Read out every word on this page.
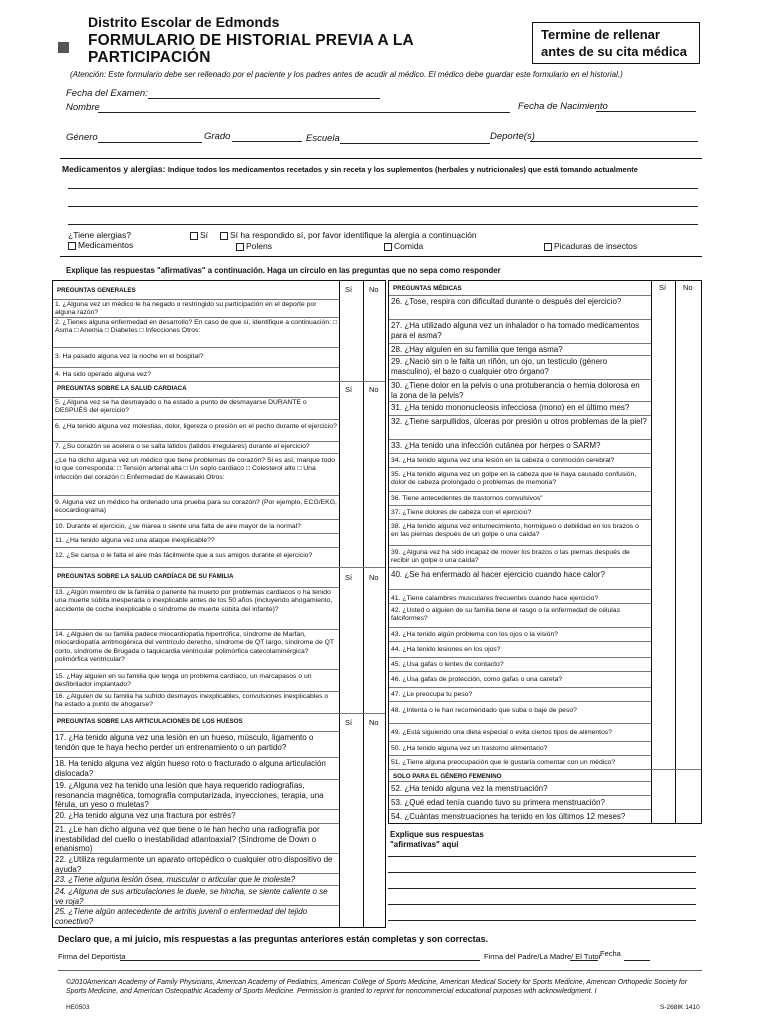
Distrito Escolar de Edmonds
FORMULARIO DE HISTORIAL PREVIA A LA PARTICIPACIÓN
Termine de rellenar antes de su cita médica
(Atención: Este formulario debe ser rellenado por el paciente y los padres antes de acudir al médico. El médico debe guardar este formulario en el historial.)
Fecha del Examen:
Nombre	Fecha de Nacimiento
Género	Grado	Escuela	Deporte(s)
Medicamentos y alergias: Indique todos los medicamentos recetados y sin receta y los suplementos (herbales y nutricionales) que está tomando actualmente
¿Tiene alergias?
Medicamentos
Sí	Sí ha respondido sí, por favor identifique la alergia a continuación
Polens	Comida	Picaduras de insectos
Explique las respuestas "afirmativas" a continuación. Haga un círculo en las preguntas que no sepa como responder
PREGUNTAS GENERALES	Sí No
1. ¿Alguna vez un médico le ha negado o restringido su participación en el deporte por alguna razón?
2. ¿Tienes alguna enfermedad en desarrollo? En caso de que sí, identifique a continuación: □ Asma □ Anemia □ Diabetes □ Infecciones Otros:
3. Ha pasado alguna vez la noche en el hospital?
4. Ha sido operado alguna vez?
PREGUNTAS SOBRE LA SALUD CARDIACA	Sí No
5. ¿Alguna vez se ha desmayado o ha estado a punto de desmayarse DURANTE o DESPUÉS del ejercicio?
6. ¿Ha tenido alguna vez molestias, dolor, ligereza o presión en el pecho durante el ejercicio?
7. ¿Su corazón se acelera o se salta latidos (latidos irregulares) durante el ejercicio?
¿Le ha dicho alguna vez un médico que tiene problemas de corazón? Si es así, marque todo lo que corresponda: □ Tensión arterial alta □ Un soplo cardiaco □ Colesterol alto □ Una infección del corazón □ Enfermedad de Kawasaki Otros:
9. Alguna vez un médico ha ordenado una prueba para su corazón? (Por ejemplo, ECG/EKG, ecocardiograma)
10. Durante el ejercicio, ¿se marea o siente una falta de aire mayor de la normal?
11. ¿Ha tenido alguna vez una ataque inexplicable??
12. ¿Se cansa o le falta el aire más fácilmente que a sus amigos durante el ejercicio?
PREGUNTAS SOBRE LA SALUD CARDÍACA DE SU FAMILIA	Sí No
13. ¿Algún miembro de la familia o pariente ha muerto por problemas cardiacos o ha tenido una muerte súbita inesperada o inexplicable antes de los 50 años (incluyendo ahogamiento, accidente de coche inexplicable o síndrome de muerte súbita del infante)?
14. ¿Alguien de su familia padece miocardiopatía hipertrófica, síndrome de Marfan, miocardiopatía arritmogénica del ventrículo derecho, síndrome de QT largo, síndrome de QT corto, síndrome de Brugada o taquicardia ventricular polimórfica catecolaminérgica? polimórfica ventricular?
15. ¿Hay alguien en su familia que tenga un problema cardíaco, un marcapasos o un desfibrilador implantado?
16. ¿Alguien de su familia ha sufrido desmayos inexplicables, convulsiones inexplicables o ha estado a punto de ahogarse?
PREGUNTAS SOBRE LAS ARTICULACIONES DE LOS HUESOS	Sí No
17. ¿Ha tenido alguna vez una lesión en un hueso, músculo, ligamento o tendón que te haya hecho perder un entrenamiento o un partido?
18. Ha tenido alguna vez algún hueso roto o fracturado o alguna articulación dislocada?
19. ¿Alguna vez ha tenido una lesión que haya requerido radiografías, resonancia magnética, tomografía computarizada, inyecciones, terapia, una férula, un yeso o muletas?
20. ¿Ha tenido alguna vez una fractura por estrés?
21. ¿Le han dicho alguna vez que tiene o le han hecho una radiografía por inestabilidad del cuello o inestabilidad atlantoaxial? (Síndrome de Down o enanismo)
22. ¿Utiliza regularmente un aparato ortopédico o cualquier otro dispositivo de ayuda?
23. ¿Tiene alguna lesión ósea, muscular o articular que le moleste?
24. ¿Alguna de sus articulaciones le duele, se hincha, se siente caliente o se ve roja?
25. ¿Tiene algún antecedente de artritis juvenil o enfermedad del tejido conectivo?
PREGUNTAS MÉDICAS	Sí No
26. ¿Tose, respira con dificultad durante o después del ejercicio?
27. ¿Ha utilizado alguna vez un inhalador o ha tomado medicamentos para el asma?
28. ¿Hay alguien en su familia que tenga asma?
29. ¿Nació sin o le falta un riñón, un ojo, un testículo (género masculino), el bazo o cualquier otro órgano?
30. ¿Tiene dolor en la pelvis o una protuberancia o hernia dolorosa en la zona de la pelvis?
31. ¿Ha tenido mononucleosis infecciosa (mono) en el último mes?
32. ¿Tiene sarpullidos, úlceras por presión u otros problemas de la piel?
33. ¿Ha tenido una infección cutánea por herpes o SARM?
34. ¿Ha tenido alguna vez una lesión en la cabeza o conmoción cerebral?
35. ¿Ha tenido alguna vez un golpe en la cabeza que le haya causado confusión, dolor de cabeza prolongado o problemas de memoria?
36. Tiene antecedentes de trastornos convulsivos"
37. ¿Tiene dolores de cabeza con el ejercicio?
38. ¿Ha tenido alguna vez entumecimiento, hormigueo o debilidad en los brazos o en las piernas después de un golpe o una caída?
39. ¿Alguna vez ha sido incapaz de mover los brazos o las piernas después de recibir un golpe o una caída?
40. ¿Se ha enfermado al hacer ejercicio cuando hace calor?
41. ¿Tiene calambres musculares frecuentes cuando hace ejercicio?
42. ¿Usted o alguien de su familia tiene el rasgo o la enfermedad de células falciformes?
43. ¿Ha tenido algún problema con los ojos o la visión?
44. ¿Ha tenido lesiones en los ojos?
45. ¿Usa gafas o lentes de contacto?
46. ¿Usa gafas de protección, como gafas o una careta?
47. ¿Le preocupa tu peso?
48. ¿Intenta o le han recomendado que suba o baje de peso?
49. ¿Está siguiendo una dieta especial o evita ciertos tipos de alimentos?
50. ¿Ha tenido alguna vez un trastorno alimentario?
51. ¿Tiene alguna preocupación que le gustaría comentar con un médico?
SOLO PARA EL GÉNERO FEMENINO
52. ¿Ha tenido alguna vez la menstruación?
53. ¿Qué edad tenía cuando tuvo su primera menstruación?
54. ¿Cuántas menstruaciones ha tenido en los últimos 12 meses?
Explique sus respuestas
"afirmativas" aquí
Declaro que, a mi juicio, mis respuestas a las preguntas anteriores están completas y son correctas.
Firma del Deportista	Firma del Padre/La Madre/ El Tutor
Fecha
©2010American Academy of Family Physicians, American Academy of Pediatrics, American College of Sports Medicine, American Medical Society for Sports Medicine, American Orthopedic Society for Sports Medicine, and American Osteopathic Academy of Sports Medicine. Permission is granted to reprint for noncommercial educational purposes with acknowledgment. I
HE0503	S-268IK 1410
